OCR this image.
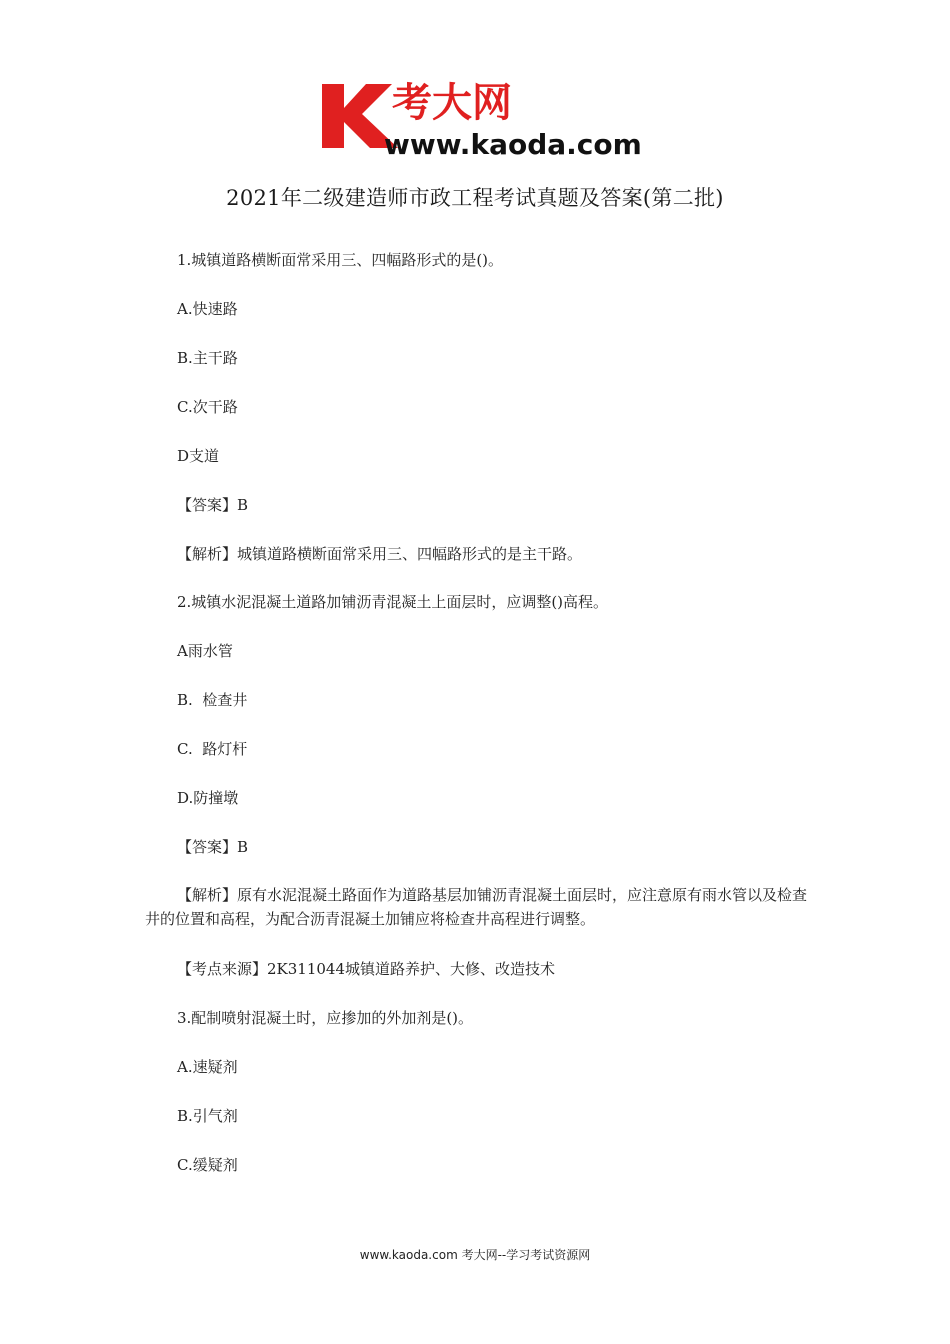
考大网
www.kaoda.com
2021年二级建造师市政工程考试真题及答案(第二批)
1.城镇道路横断面常采用三、四幅路形式的是()。
A.快速路
B.主干路
C.次干路
D支道
【答案】B
【解析】城镇道路横断面常采用三、四幅路形式的是主干路。
2.城镇水泥混凝土道路加铺沥青混凝土上面层时，应调整()高程。
A雨水管
B.  检查井
C.  路灯杆
D.防撞墩
【答案】B
【解析】原有水泥混凝土路面作为道路基层加铺沥青混凝土面层时，应注意原有雨水管以及检查井的位置和高程，为配合沥青混凝土加铺应将检查井高程进行调整。
【考点来源】2K311044城镇道路养护、大修、改造技术
3.配制喷射混凝土时，应掺加的外加剂是()。
A.速疑剂
B.引气剂
C.缓疑剂
www.kaoda.com 考大网--学习考试资源网
